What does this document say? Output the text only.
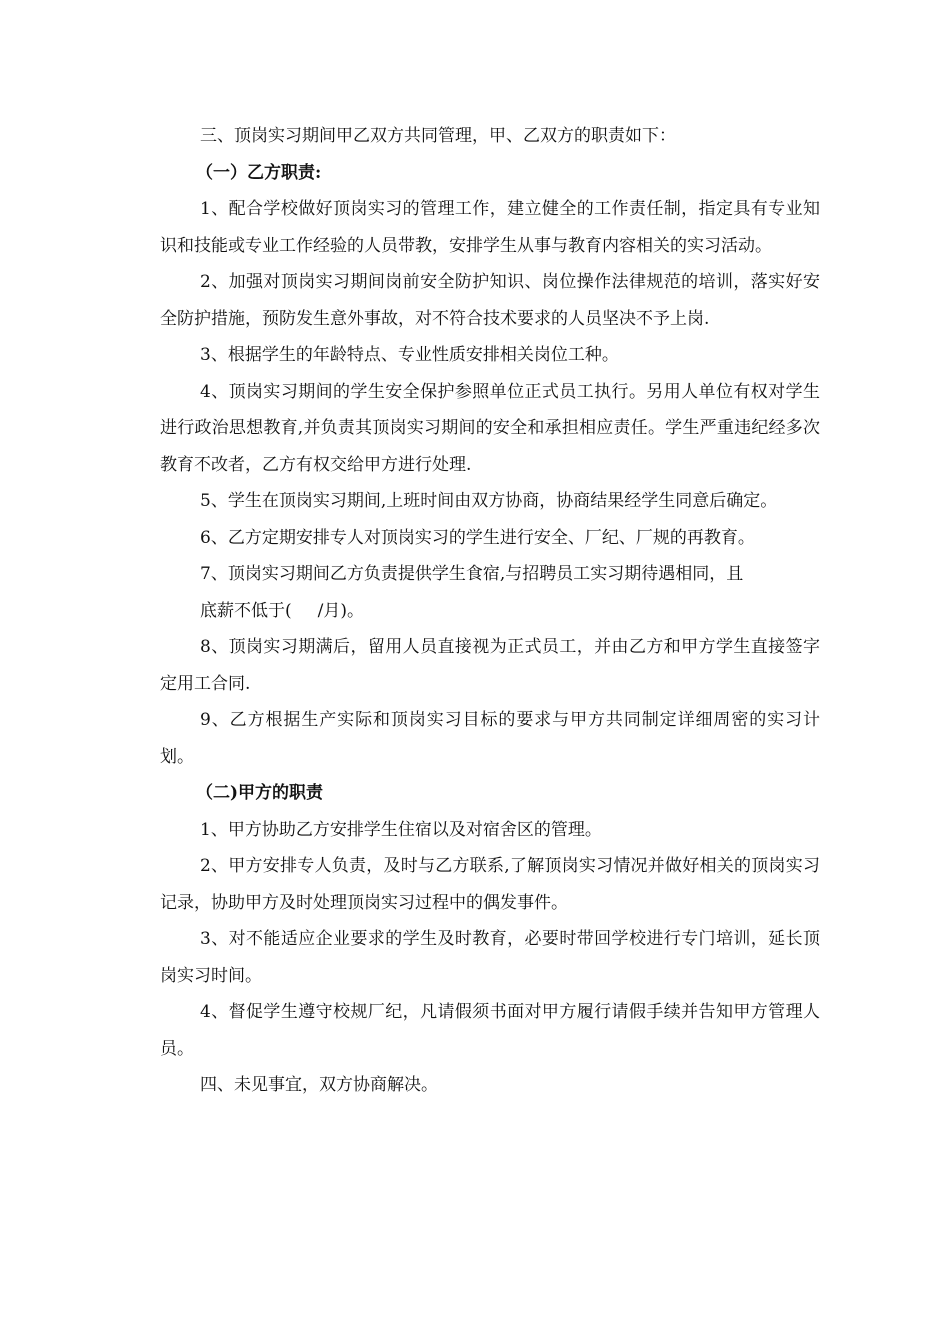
三、顶岗实习期间甲乙双方共同管理，甲、乙双方的职责如下：

（一）乙方职责:

1、配合学校做好顶岗实习的管理工作，建立健全的工作责任制，指定具有专业知识和技能或专业工作经验的人员带教，安排学生从事与教育内容相关的实习活动。

2、加强对顶岗实习期间岗前安全防护知识、岗位操作法律规范的培训，落实好安全防护措施，预防发生意外事故，对不符合技术要求的人员坚决不予上岗.

3、根据学生的年龄特点、专业性质安排相关岗位工种。

4、顶岗实习期间的学生安全保护参照单位正式员工执行。另用人单位有权对学生进行政治思想教育,并负责其顶岗实习期间的安全和承担相应责任。学生严重违纪经多次教育不改者，乙方有权交给甲方进行处理.

5、学生在顶岗实习期间,上班时间由双方协商，协商结果经学生同意后确定。

6、乙方定期安排专人对顶岗实习的学生进行安全、厂纪、厂规的再教育。

7、顶岗实习期间乙方负责提供学生食宿,与招聘员工实习期待遇相同，且

底薪不低于( /月)。

8、顶岗实习期满后，留用人员直接视为正式员工，并由乙方和甲方学生直接签字定用工合同.

9、乙方根据生产实际和顶岗实习目标的要求与甲方共同制定详细周密的实习计划。

（二)甲方的职责

1、甲方协助乙方安排学生住宿以及对宿舍区的管理。

2、甲方安排专人负责，及时与乙方联系,了解顶岗实习情况并做好相关的顶岗实习记录，协助甲方及时处理顶岗实习过程中的偶发事件。

3、对不能适应企业要求的学生及时教育，必要时带回学校进行专门培训，延长顶岗实习时间。

4、督促学生遵守校规厂纪，凡请假须书面对甲方履行请假手续并告知甲方管理人员。

四、未见事宜，双方协商解决。
